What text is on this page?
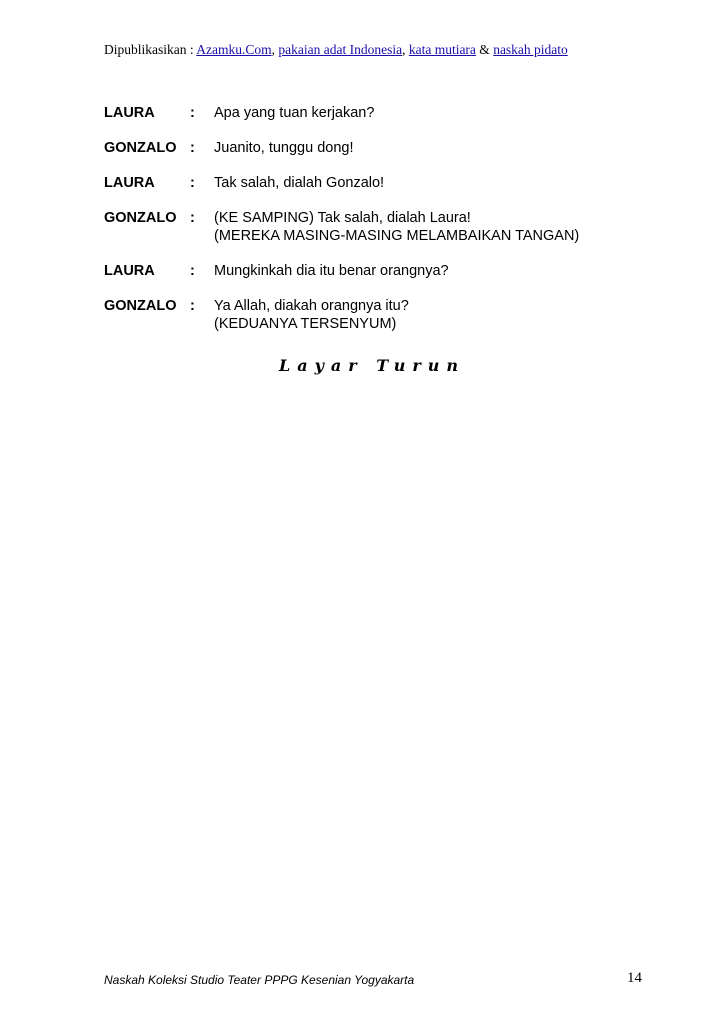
Dipublikasikan : Azamku.Com, pakaian adat Indonesia, kata mutiara & naskah pidato
LAURA	:	Apa yang tuan kerjakan?
GONZALO :	Juanito, tunggu dong!
LAURA	:	Tak salah, dialah Gonzalo!
GONZALO :	(KE SAMPING) Tak salah, dialah Laura!
(MEREKA MASING-MASING MELAMBAIKAN TANGAN)
LAURA	:	Mungkinkah dia itu benar orangnya?
GONZALO :	Ya Allah, diakah orangnya itu?
(KEDUANYA TERSENYUM)
Layar Turun
Naskah Koleksi Studio Teater PPPG Kesenian Yogyakarta	14
